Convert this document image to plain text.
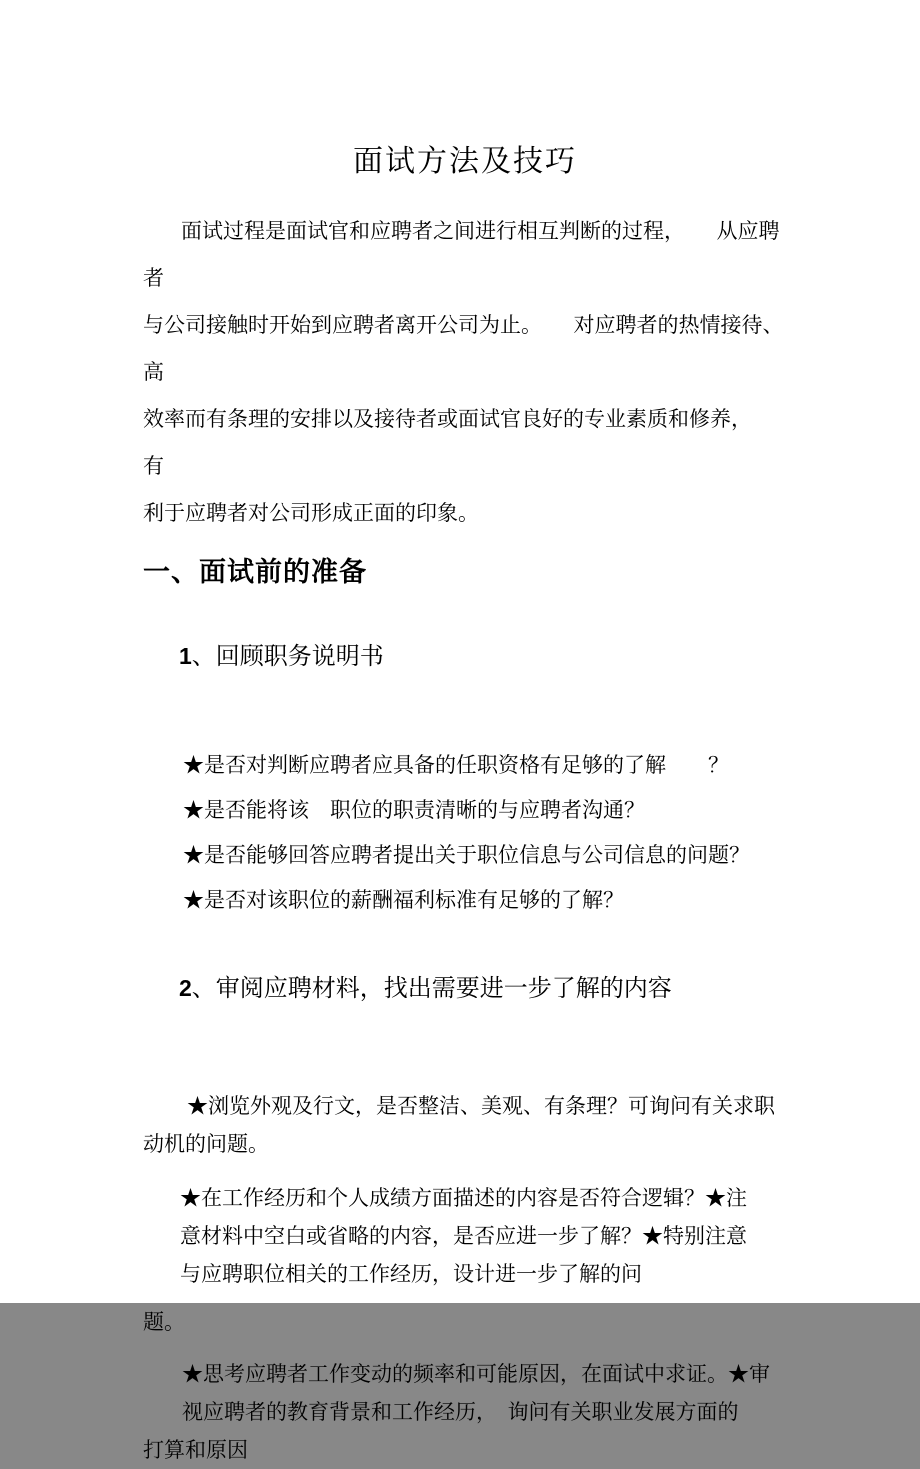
面试方法及技巧
面试过程是面试官和应聘者之间进行相互判断的过程，　　从应聘者
与公司接触时开始到应聘者离开公司为止。　　对应聘者的热情接待、　高
效率而有条理的安排以及接待者或面试官良好的专业素质和修养，　　有
利于应聘者对公司形成正面的印象。
一、面试前的准备

1、回顾职务说明书

★是否对判断应聘者应具备的任职资格有足够的了解　　？
★是否能将该　职位的职责清晰的与应聘者沟通？
★是否能够回答应聘者提出关于职位信息与公司信息的问题？
★是否对该职位的薪酬福利标准有足够的了解？

2、审阅应聘材料，找出需要进一步了解的内容

★浏览外观及行文，是否整洁、美观、有条理？可询问有关求职
动机的问题。
★在工作经历和个人成绩方面描述的内容是否符合逻辑？★注
意材料中空白或省略的内容，是否应进一步了解？★特别注意
与应聘职位相关的工作经历，设计进一步了解的问
题。
★思考应聘者工作变动的频率和可能原因，在面试中求证。★审
视应聘者的教育背景和工作经历，　询问有关职业发展方面的
打算和原因
